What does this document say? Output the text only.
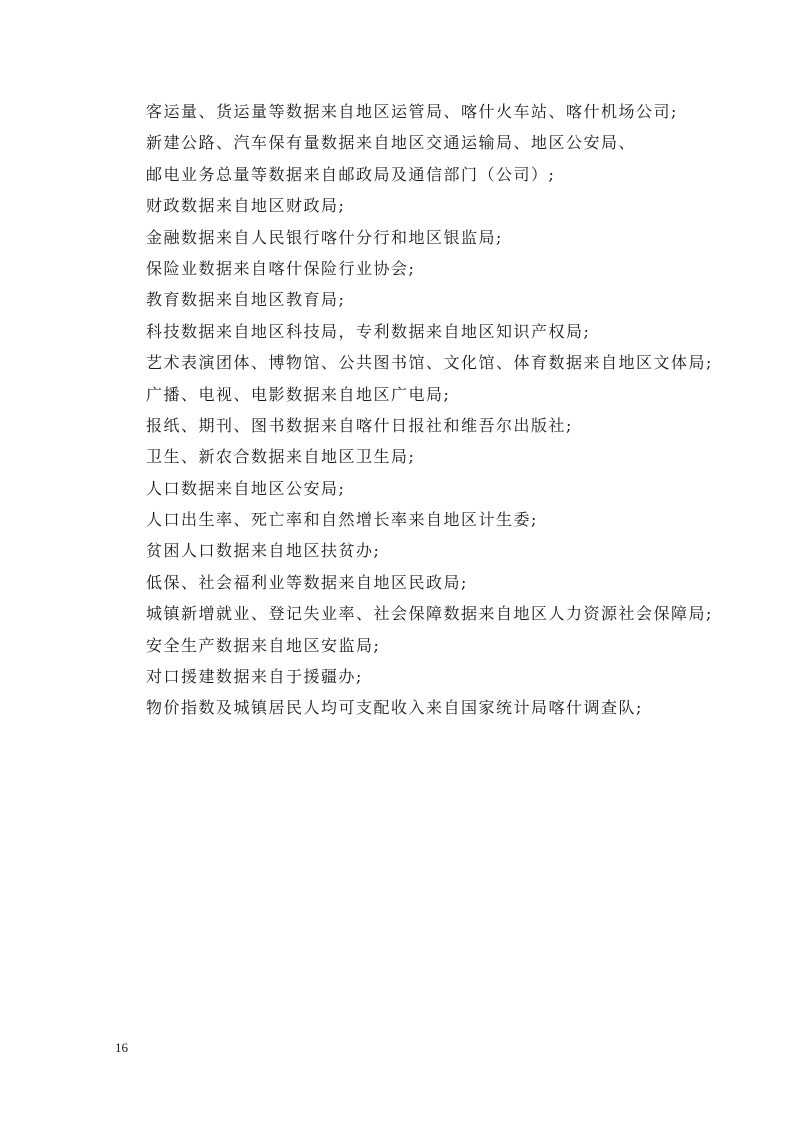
客运量、货运量等数据来自地区运管局、喀什火车站、喀什机场公司;
新建公路、汽车保有量数据来自地区交通运输局、地区公安局、
邮电业务总量等数据来自邮政局及通信部门（公司）;
财政数据来自地区财政局;
金融数据来自人民银行喀什分行和地区银监局;
保险业数据来自喀什保险行业协会;
教育数据来自地区教育局;
科技数据来自地区科技局，专利数据来自地区知识产权局;
艺术表演团体、博物馆、公共图书馆、文化馆、体育数据来自地区文体局;
广播、电视、电影数据来自地区广电局;
报纸、期刊、图书数据来自喀什日报社和维吾尔出版社;
卫生、新农合数据来自地区卫生局;
人口数据来自地区公安局;
人口出生率、死亡率和自然增长率来自地区计生委;
贫困人口数据来自地区扶贫办;
低保、社会福利业等数据来自地区民政局;
城镇新增就业、登记失业率、社会保障数据来自地区人力资源社会保障局;
安全生产数据来自地区安监局;
对口援建数据来自于援疆办;
物价指数及城镇居民人均可支配收入来自国家统计局喀什调查队;
16
